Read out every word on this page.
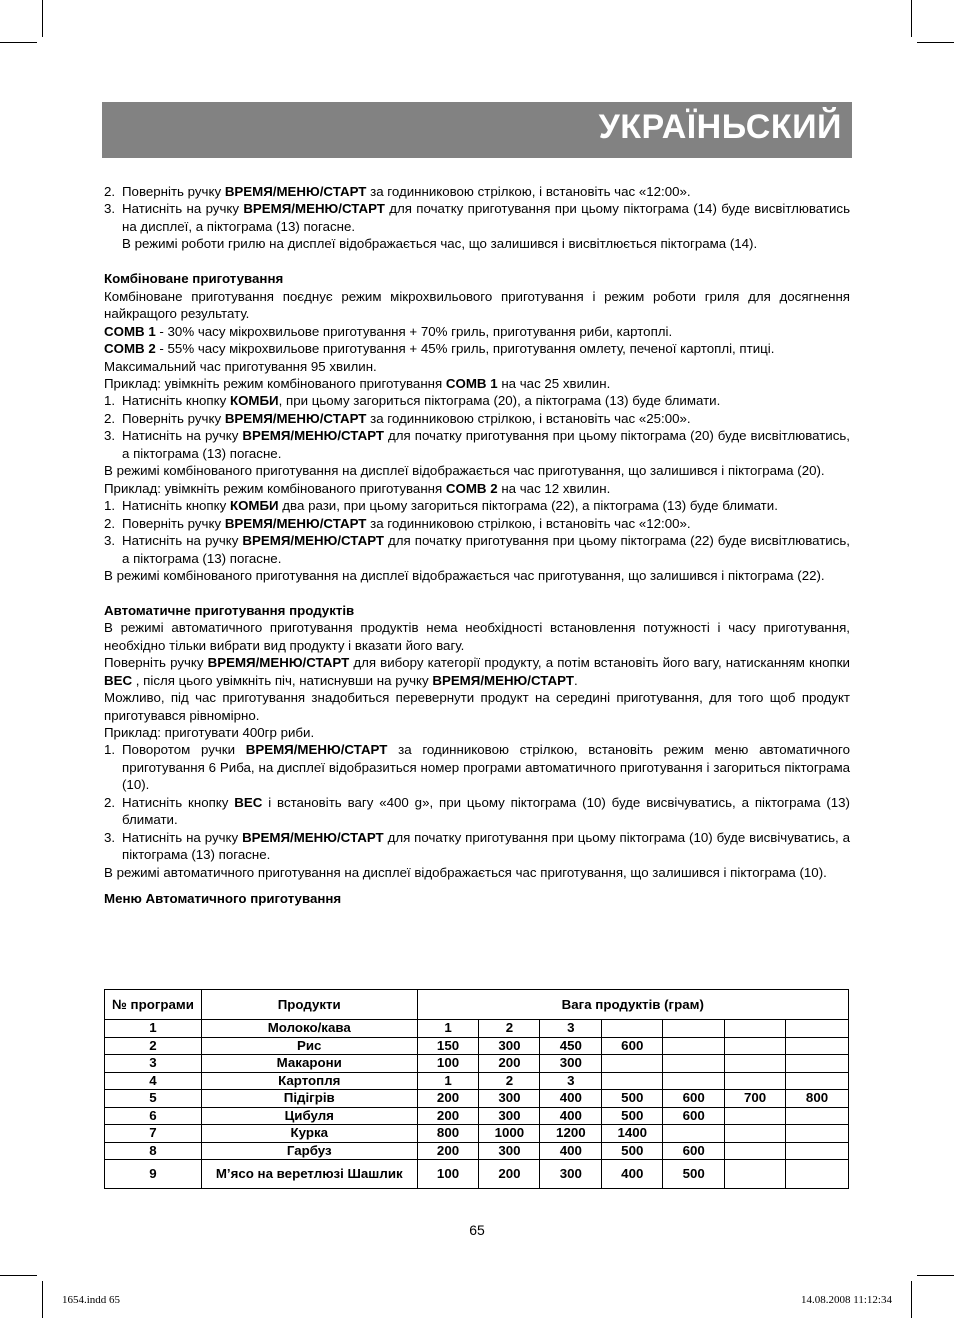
УКРАЇНЬСКИЙ
2. Поверніть ручку ВРЕМЯ/МЕНЮ/СТАРТ за годинниковою стрілкою, і встановіть час «12:00».
3. Натисніть на ручку ВРЕМЯ/МЕНЮ/СТАРТ для початку приготування при цьому піктограма (14) буде висвітлюватись на дисплеї, а піктограма (13) погасне.

В режимі роботи грилю на дисплеї відображається час, що залишився і висвітлюється піктограма (14).

Комбіноване приготування

Комбіноване приготування поєднує режим мікрохвильового приготування і режим роботи гриля для досягнення найкращого результату.

COMB 1 - 30% часу мікрохвильове приготування + 70% гриль, приготування риби, картоплі.

COMB 2 - 55% часу мікрохвильове приготування + 45% гриль, приготування омлету, печеної картоплі, птиці.

Максимальний час приготування 95 хвилин.

Приклад: увімкніть режим комбінованого приготування COMB 1 на час 25 хвилин.

1. Натисніть кнопку КОМБИ, при цьому загориться піктограма (20), а піктограма (13) буде блимати.
2. Поверніть ручку ВРЕМЯ/МЕНЮ/СТАРТ за годинниковою стрілкою, і встановіть час «25:00».
3. Натисніть на ручку ВРЕМЯ/МЕНЮ/СТАРТ для початку приготування при цьому піктограма (20) буде висвітлюватись, а піктограма (13) погасне.

В режимі комбінованого приготування на дисплеї відображається час приготування, що залишився і піктограма (20).

Приклад: увімкніть режим комбінованого приготування COMB 2 на час 12 хвилин.

1. Натисніть кнопку КОМБИ два рази, при цьому загориться піктограма (22), а піктограма (13) буде блимати.
2. Поверніть ручку ВРЕМЯ/МЕНЮ/СТАРТ за годинниковою стрілкою, і встановіть час «12:00».
3. Натисніть на ручку ВРЕМЯ/МЕНЮ/СТАРТ для початку приготування при цьому піктограма (22) буде висвітлюватись, а піктограма (13) погасне.

В режимі комбінованого приготування на дисплеї відображається час приготування, що залишився і піктограма (22).

Автоматичне приготування продуктів

В режимі автоматичного приготування продуктів нема необхідності встановлення потужності і часу приготування, необхідно тільки вибрати вид продукту і вказати його вагу.

Поверніть ручку ВРЕМЯ/МЕНЮ/СТАРТ для вибору категорії продукту, а потім встановіть його вагу, натисканням кнопки ВЕС , після цього увімкніть піч, натиснувши на ручку ВРЕМЯ/МЕНЮ/СТАРТ.

Можливо, під час приготування знадобиться перевернути продукт на середині приготування, для того щоб продукт приготувався рівномірно.

Приклад: приготувати 400гр риби.

1. Поворотом ручки ВРЕМЯ/МЕНЮ/СТАРТ за годинниковою стрілкою, встановіть режим меню автоматичного приготування 6 Риба, на дисплеї відобразиться номер програми автоматичного приготування і загориться піктограма (10).
2. Натисніть кнопку ВЕС і встановіть вагу «400 g», при цьому піктограма (10) буде висвічуватись, а піктограма (13) блимати.
3. Натисніть на ручку ВРЕМЯ/МЕНЮ/СТАРТ для початку приготування при цьому піктограма (10) буде висвічуватись, а піктограма (13) погасне.

В режимі автоматичного приготування на дисплеї відображається час приготування, що залишився і піктограма (10).

Меню Автоматичного приготування

№ програми	Продукти	Вага продуктів (грам)						
1	Молоко/кава	1	2	3				
2	Рис	150	300	450	600			
3	Макарони	100	200	300				
4	Картопля	1	2	3				
5	Підігрів	200	300	400	500	600	700	800
6	Цибуля	200	300	400	500	600		
7	Курка	800	1000	1200	1400			
8	Гарбуз	200	300	400	500	600		
9	М’ясо на веретлюзі Шашлик	100	200	300	400	500		
65
1654.indd 65	14.08.2008 11:12:34
